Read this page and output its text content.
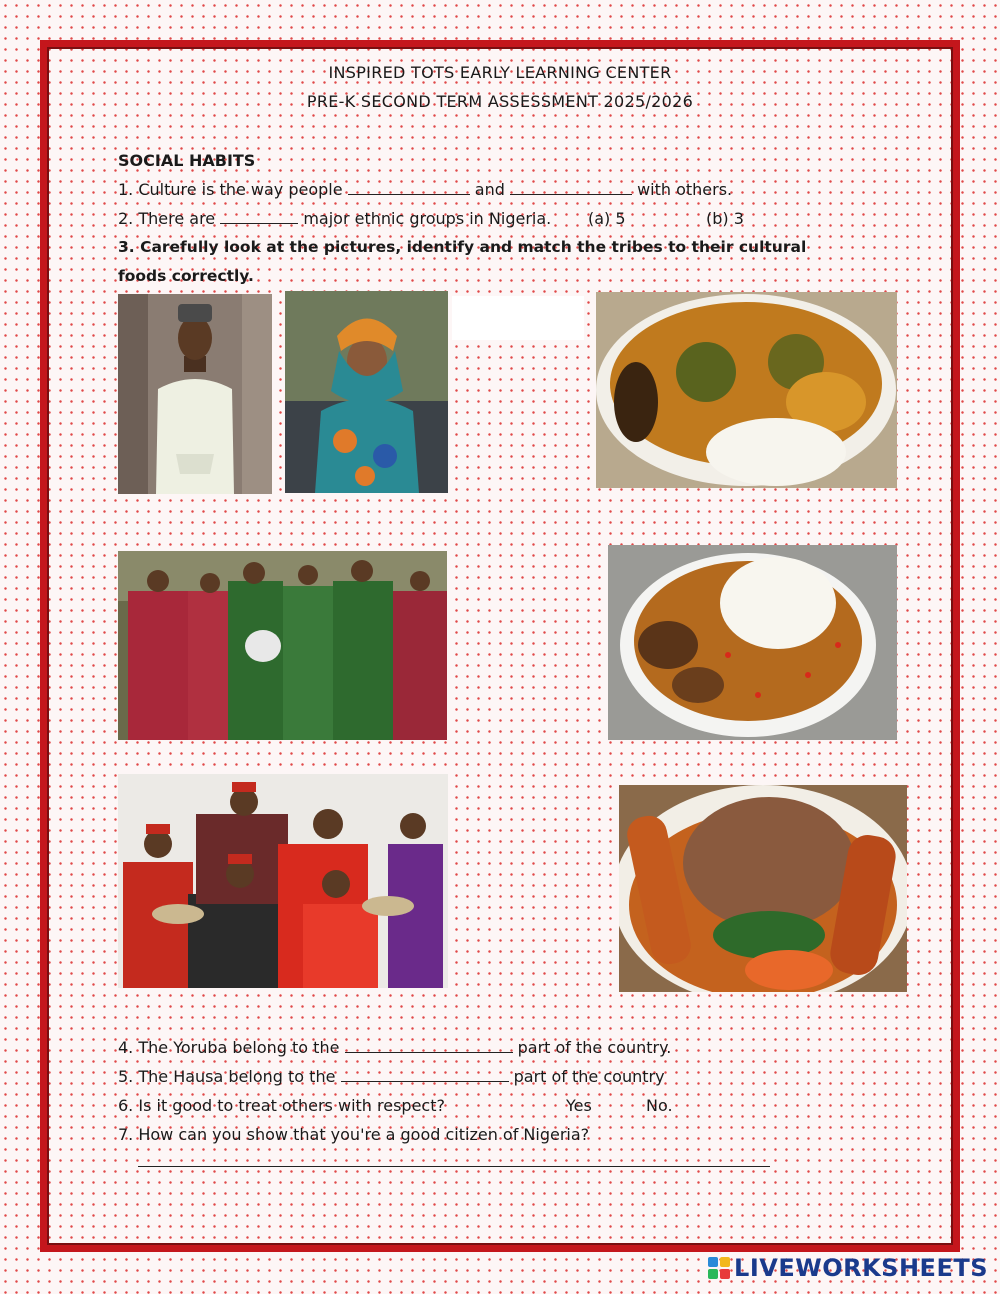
INSPIRED TOTS EARLY LEARNING CENTER
PRE-K SECOND TERM ASSESSMENT 2025/2026
SOCIAL HABITS
1. Culture is the way people	and	with others.
2. There are	major ethnic groups in Nigeria. (a) 5	(b) 3
3. Carefully look at the pictures, identify and match the tribes to their cultural
foods correctly.
4. The Yoruba belong to the	part of the country.
5. The Hausa belong to the	part of the country
6. Is it good to treat others with respect?	Yes	No.
7. How can you show that you're a good citizen of Nigeria?
LIVEWORKSHEETS
